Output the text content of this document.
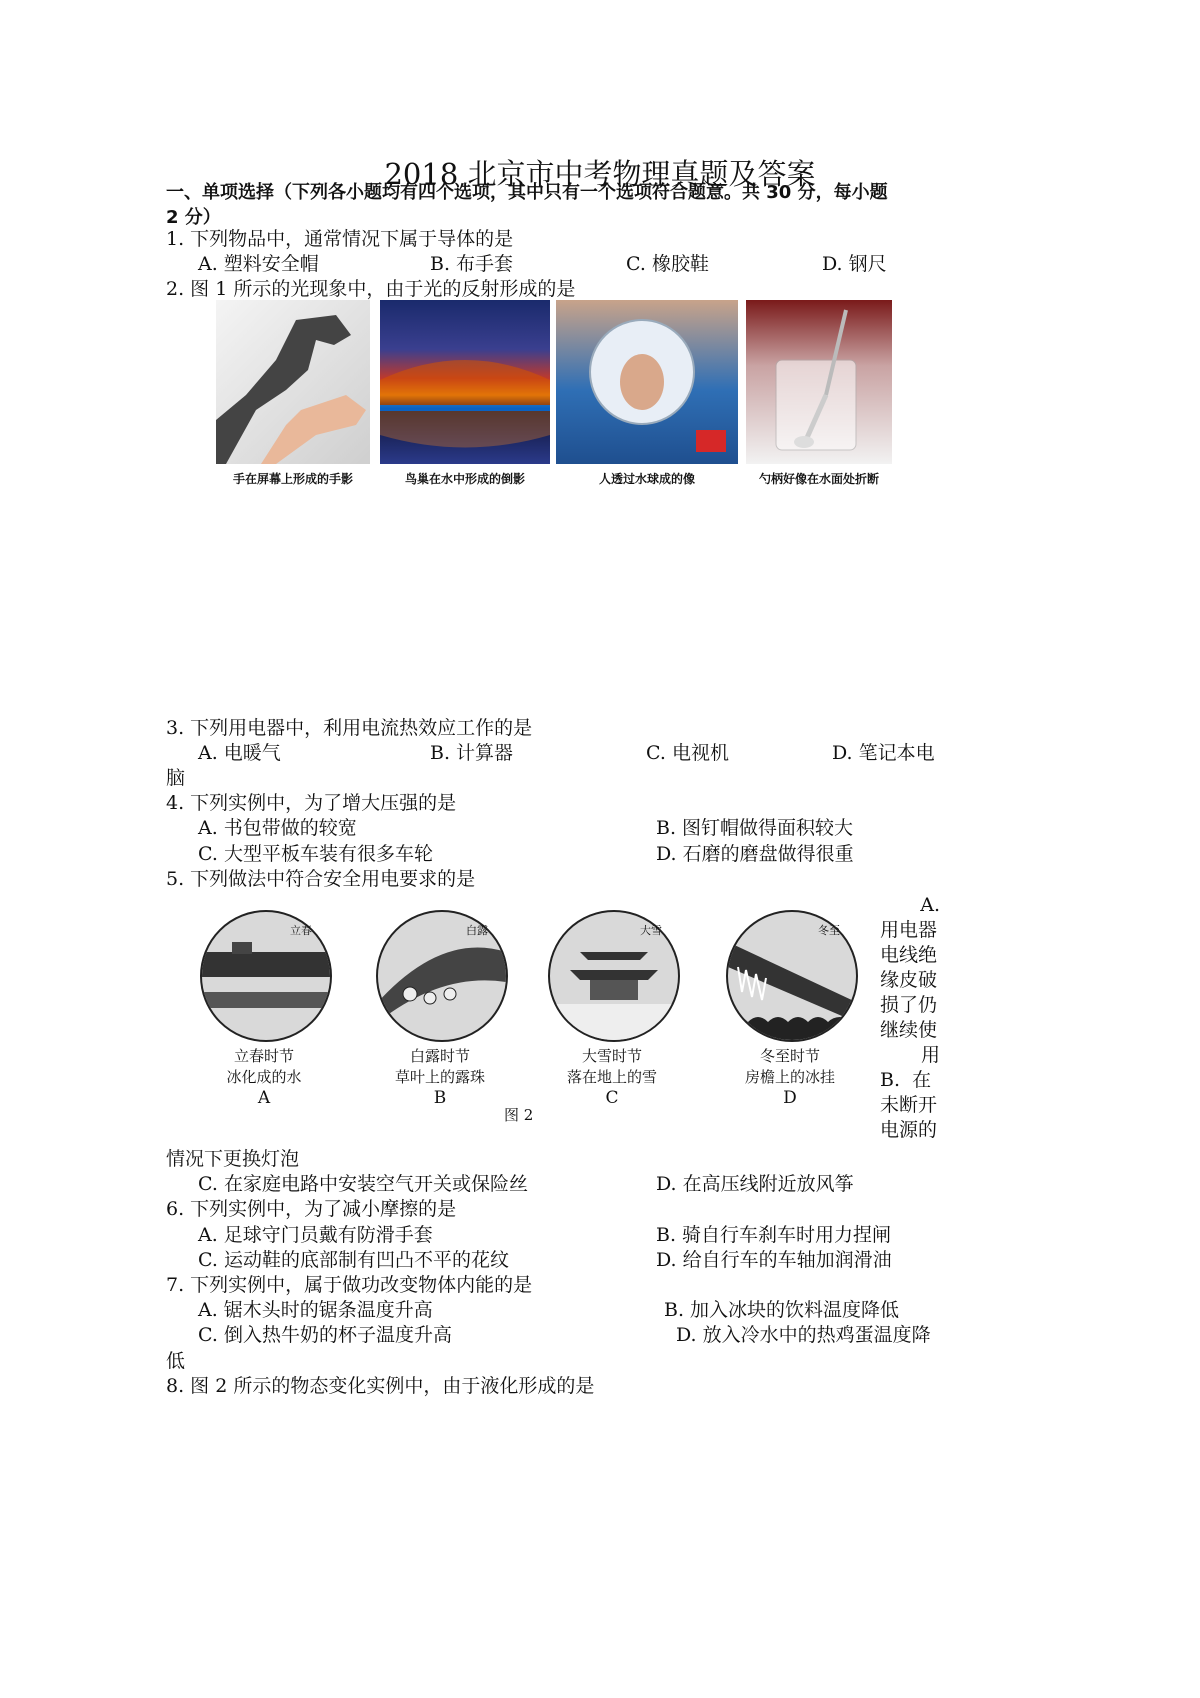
2018 北京市中考物理真题及答案
一、单项选择（下列各小题均有四个选项，其中只有一个选项符合题意。共 30 分，每小题
2 分）
1. 下列物品中，通常情况下属于导体的是
A. 塑料安全帽	B. 布手套	C. 橡胶鞋	D. 钢尺
2. 图 1 所示的光现象中，由于光的反射形成的是
手在屏幕上形成的手影	鸟巢在水中形成的倒影	人透过水球成的像	勺柄好像在水面处折断
3. 下列用电器中，利用电流热效应工作的是
A. 电暖气	B. 计算器	C. 电视机	D. 笔记本电
脑
4. 下列实例中，为了增大压强的是
A. 书包带做的较宽	B. 图钉帽做得面积较大
C. 大型平板车装有很多车轮	D. 石磨的磨盘做得很重
5. 下列做法中符合安全用电要求的是
A.
用电器
电线绝
缘皮破
损了仍
继续使
用
B.  在
未断开
电源的
立春
立春时节
冰化成的水
A
白露
白露时节
草叶上的露珠
B
大雪
大雪时节
落在地上的雪
C
冬至
冬至时节
房檐上的冰挂
D
图 2
情况下更换灯泡
C. 在家庭电路中安装空气开关或保险丝	D. 在高压线附近放风筝
6. 下列实例中，为了减小摩擦的是
A. 足球守门员戴有防滑手套	B. 骑自行车刹车时用力捏闸
C. 运动鞋的底部制有凹凸不平的花纹	D. 给自行车的车轴加润滑油
7. 下列实例中，属于做功改变物体内能的是
A. 锯木头时的锯条温度升高	B. 加入冰块的饮料温度降低
C. 倒入热牛奶的杯子温度升高	D. 放入冷水中的热鸡蛋温度降
低
8. 图 2 所示的物态变化实例中，由于液化形成的是
